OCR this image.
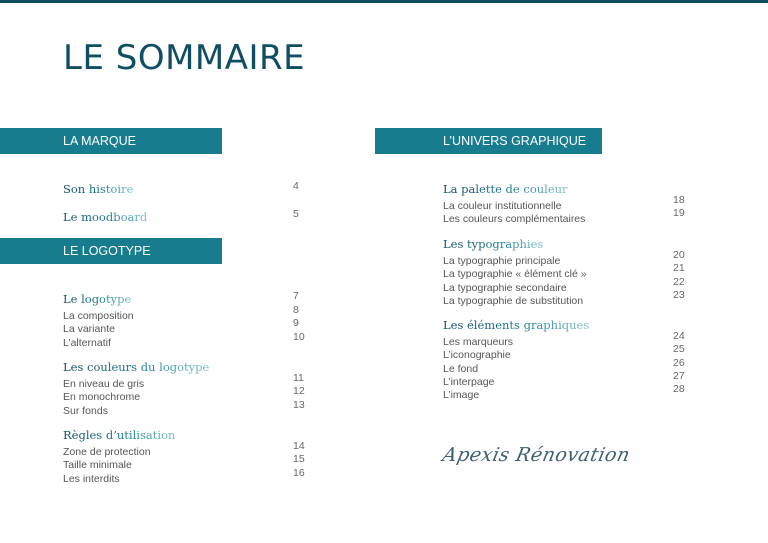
LE SOMMAIRE
LA MARQUE
Son histoire	4
Le moodboard	5
LE LOGOTYPE
Le logotype	7
La composition	8
La variante	9
L’alternatif	10
Les couleurs du logotype
En niveau de gris	11
En monochrome	12
Sur fonds	13
Règles d’utilisation
Zone de protection	14
Taille minimale	15
Les interdits	16
L’UNIVERS GRAPHIQUE
La palette de couleur
La couleur institutionnelle	18
Les couleurs complémentaires	19
Les typographies
La typographie principale	20
La typographie « élément clé »	21
La typographie secondaire	22
La typographie de substitution	23
Les éléments graphiques
Les marqueurs	24
L’iconographie	25
Le fond	26
L’interpage	27
L’image	28
Apexis Rénovation
